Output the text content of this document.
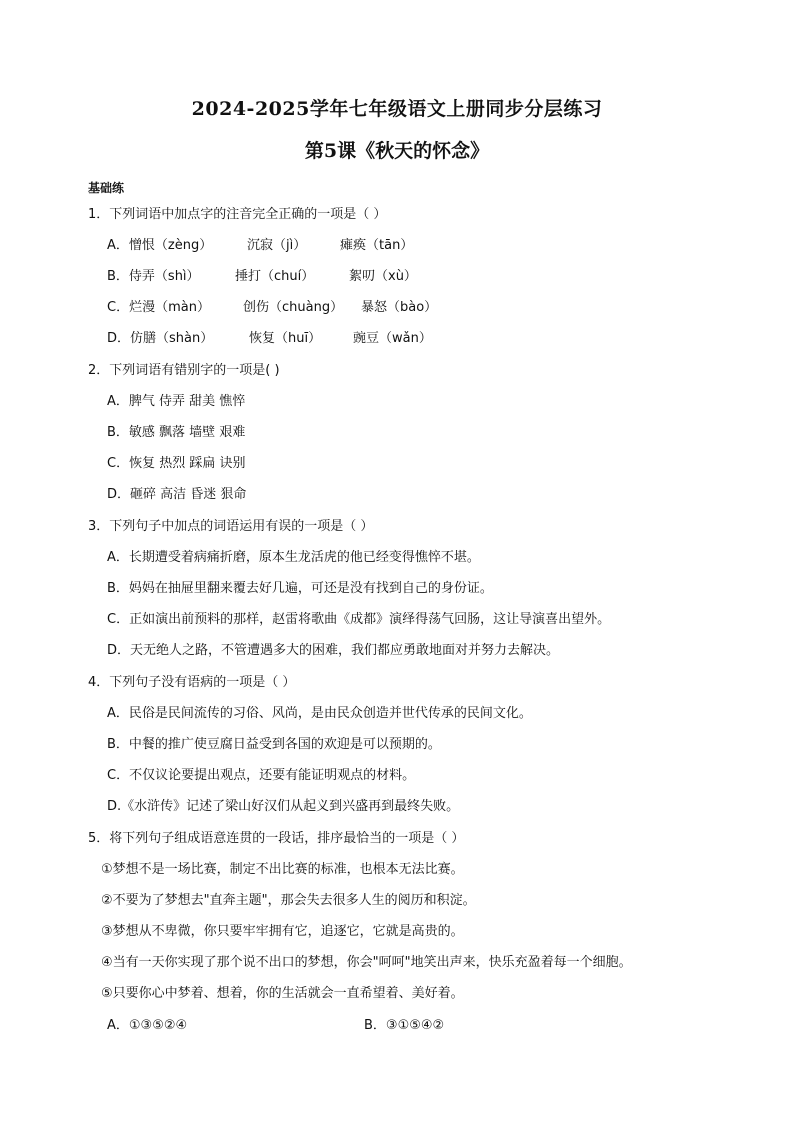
2024-2025学年七年级语文上册同步分层练习
第5课《秋天的怀念》
基础练
1．下列词语中加点字的注音完全正确的一项是（ ）
A．憎恨（zèng）	沉寂（jì）	瘫痪（tān）
B．侍弄（shì）	捶打（chuí）	絮叨（xù）
C．烂漫（màn）	创伤（chuàng） 暴怒（bào）
D．仿膳（shàn）	恢复（huī） 豌豆（wǎn）
2．下列词语有错别字的一项是( )
A．脾气 侍弄 甜美 憔悴
B．敏感 飘落 墙壁 艰难
C．恢复 热烈 踩扁 诀别
D．砸碎 高洁 昏迷 狠命
3．下列句子中加点的词语运用有误的一项是（ ）
A．长期遭受着病痛折磨，原本生龙活虎的他已经变得憔悴不堪。
B．妈妈在抽屉里翻来覆去好几遍，可还是没有找到自己的身份证。
C．正如演出前预料的那样，赵雷将歌曲《成都》演绎得荡气回肠，这让导演喜出望外。
D．天无绝人之路，不管遭遇多大的困难，我们都应勇敢地面对并努力去解决。
4．下列句子没有语病的一项是（ ）
A．民俗是民间流传的习俗、风尚，是由民众创造并世代传承的民间文化。
B．中餐的推广使豆腐日益受到各国的欢迎是可以预期的。
C．不仅议论要提出观点，还要有能证明观点的材料。
D.《水浒传》记述了梁山好汉们从起义到兴盛再到最终失败。
5．将下列句子组成语意连贯的一段话，排序最恰当的一项是（ ）
①梦想不是一场比赛，制定不出比赛的标准，也根本无法比赛。
②不要为了梦想去"直奔主题"，那会失去很多人生的阅历和积淀。
③梦想从不卑微，你只要牢牢拥有它，追逐它，它就是高贵的。
④当有一天你实现了那个说不出口的梦想，你会"呵呵"地笑出声来，快乐充盈着每一个细胞。
⑤只要你心中梦着、想着，你的生活就会一直希望着、美好着。
A．①③⑤②④	B．③①⑤④②
